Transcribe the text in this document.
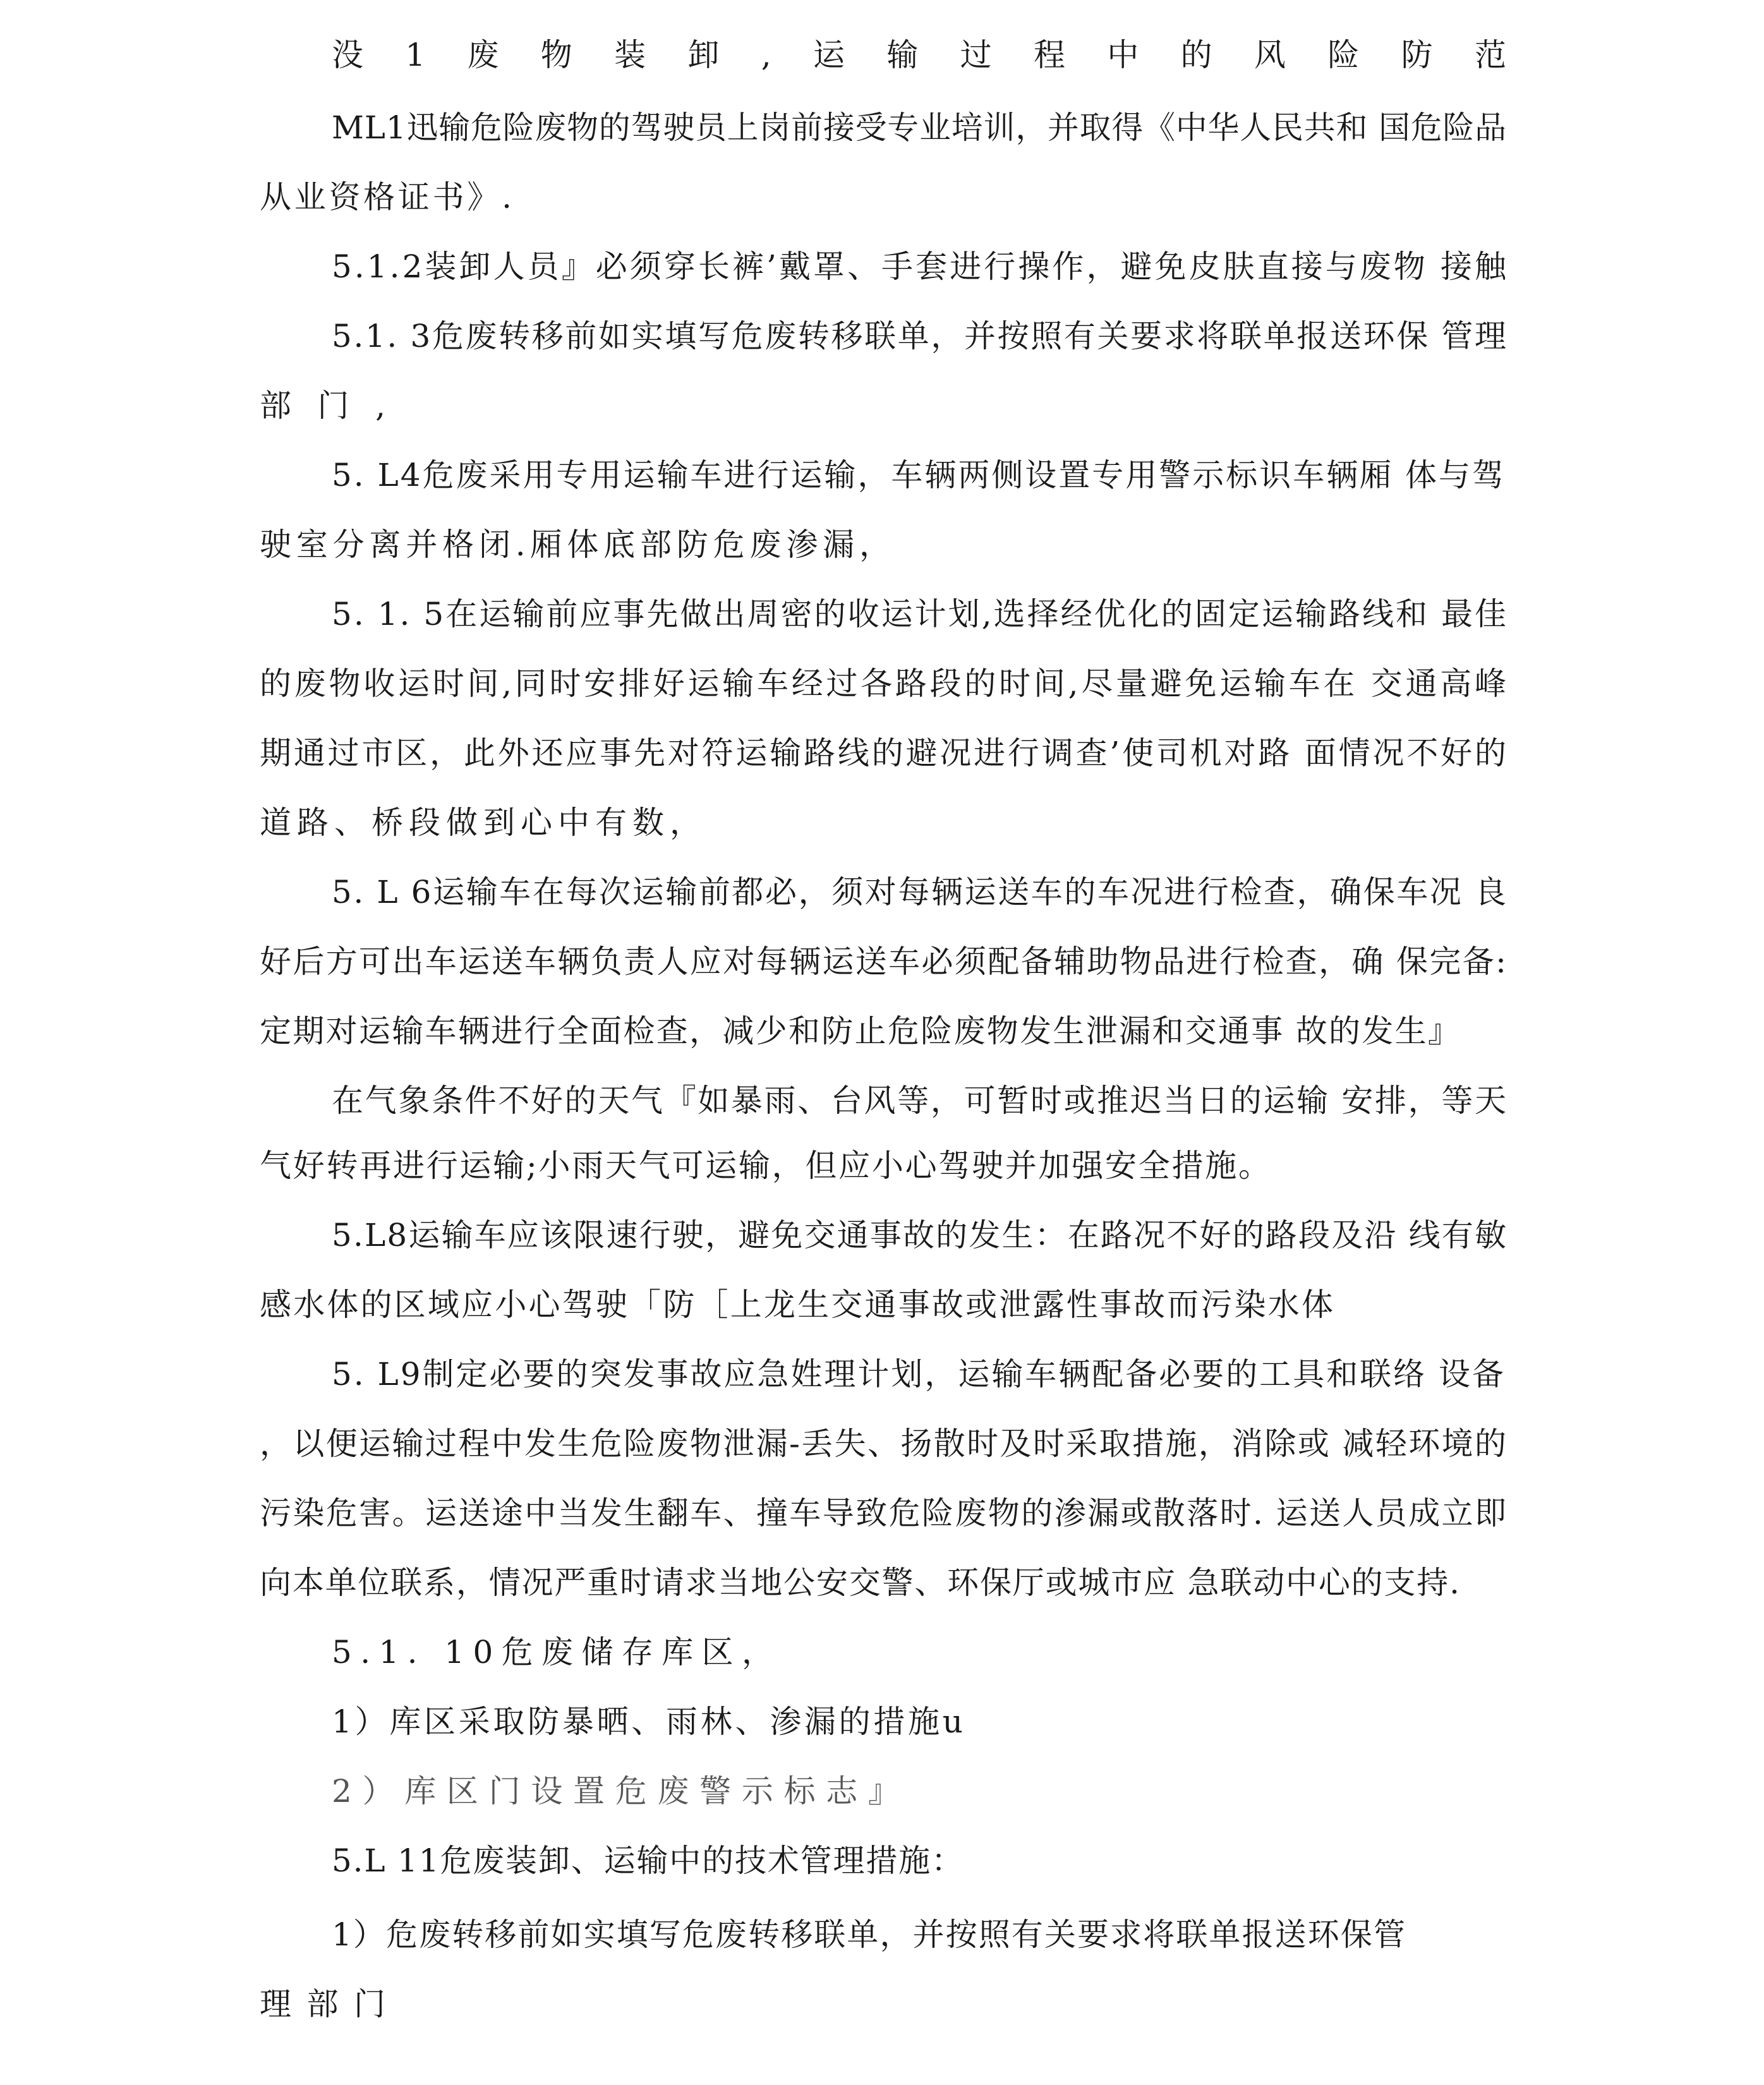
没1废物装卸,运输过程中的风险防范
ML1迅输危险废物的驾驶员上岗前接受专业培训，并取得《中华人民共和 国危险品
从业资格证书》.
5.1.2装卸人员』必须穿长裤’戴罩、手套进行操作，避免皮肤直接与废物 接触
5.1. 3危废转移前如实填写危废转移联单，并按照有关要求将联单报送环保 管理
部门,
5. L4危废采用专用运输车进行运输，车辆两侧设置专用警示标识车辆厢 体与驾
驶室分离并格闭.厢体底部防危废渗漏，
5. 1. 5在运输前应事先做出周密的收运计划,选择经优化的固定运输路线和 最佳
的废物收运时间,同时安排好运输车经过各路段的时间,尽量避免运输车在 交通高峰
期通过市区，此外还应事先对符运输路线的避况进行调查’使司机对路 面情况不好的
道路、桥段做到心中有数，
5. L 6运输车在每次运输前都必，须对每辆运送车的车况进行检查，确保车况 良
好后方可出车运送车辆负责人应对每辆运送车必须配备辅助物品进行检查，确 保完备:
定期对运输车辆进行全面检查，减少和防止危险废物发生泄漏和交通事 故的发生』
在气象条件不好的天气『如暴雨、台风等，可暂时或推迟当日的运输 安排，等天
气好转再进行运输;小雨天气可运输，但应小心驾驶并加强安全措施。
5.L8运输车应该限速行驶，避免交通事故的发生：在路况不好的路段及沿 线有敏
感水体的区域应小心驾驶「防［上龙生交通事故或泄露性事故而污染水体
5. L9制定必要的突发事故应急姓理计划，运输车辆配备必要的工具和联络 设备
，以便运输过程中发生危险废物泄漏-丢失、扬散时及时采取措施，消除或 减轻环境的
污染危害。运送途中当发生翻车、撞车导致危险废物的渗漏或散落时. 运送人员成立即
向本单位联系，情况严重时请求当地公安交警、环保厅或城市应 急联动中心的支持.
5.1. 10危废储存库区，
1）库区采取防暴晒、雨林、渗漏的措施u
2）库区门设置危废警示标志』
5.L 11危废装卸、运输中的技术管理措施：
1）危废转移前如实填写危废转移联单，并按照有关要求将联单报送环保管
理部门
